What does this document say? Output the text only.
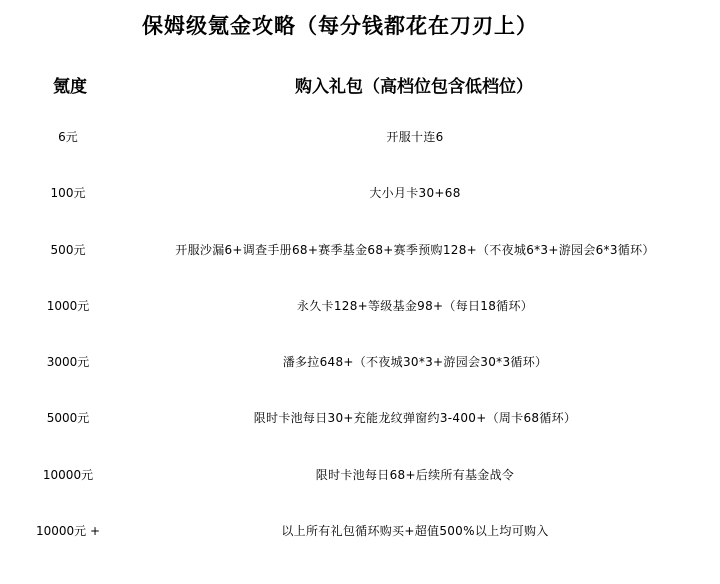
保姆级氪金攻略（每分钱都花在刀刃上）
氪度	购入礼包（高档位包含低档位）
6元	开服十连6
100元	大小月卡30+68
500元	开服沙漏6+调查手册68+赛季基金68+赛季预购128+（不夜城6*3+游园会6*3循环）
1000元	永久卡128+等级基金98+（每日18循环）
3000元	潘多拉648+（不夜城30*3+游园会30*3循环）
5000元	限时卡池每日30+充能龙纹弹窗约3-400+（周卡68循环）
10000元	限时卡池每日68+后续所有基金战令
10000元 +	以上所有礼包循环购买+超值500%以上均可购入
